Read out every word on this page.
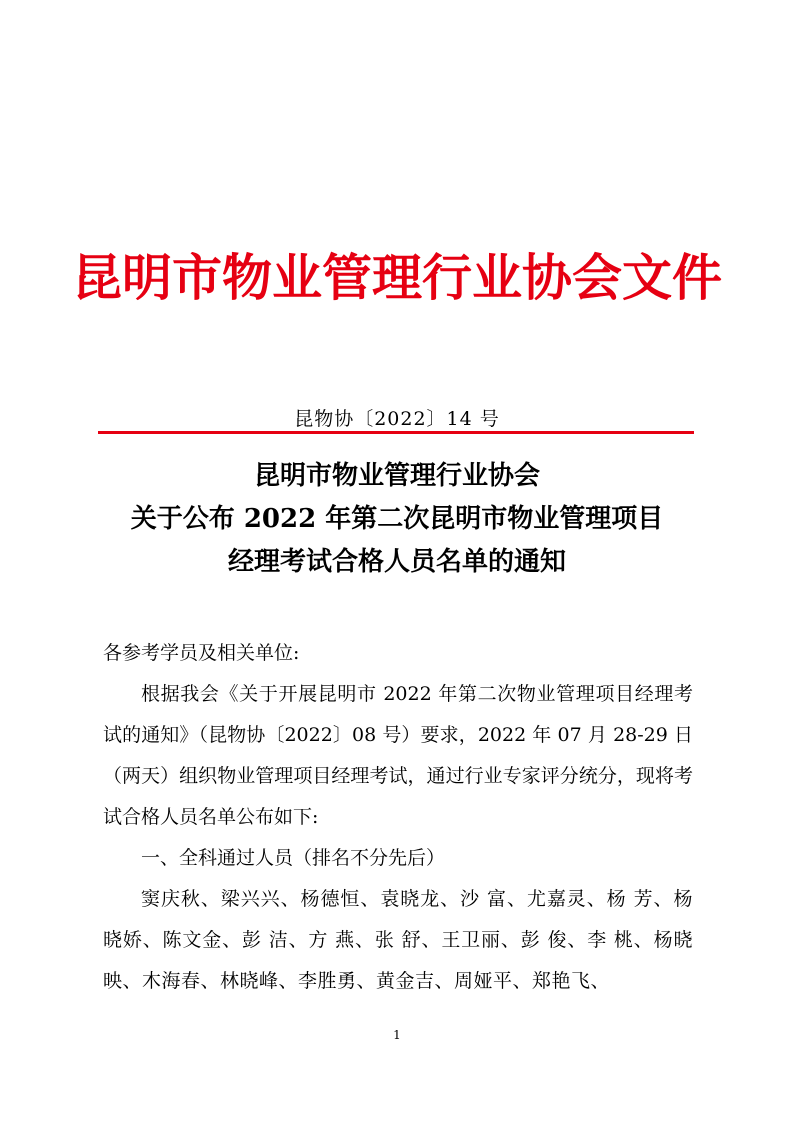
昆明市物业管理行业协会文件
昆物协〔2022〕14 号
昆明市物业管理行业协会
关于公布 2022 年第二次昆明市物业管理项目
经理考试合格人员名单的通知

各参考学员及相关单位:

根据我会《关于开展昆明市 2022 年第二次物业管理项目经理考试的通知》（昆物协〔2022〕08 号）要求，2022 年 07 月 28-29 日（两天）组织物业管理项目经理考试，通过行业专家评分统分，现将考试合格人员名单公布如下:

一、全科通过人员（排名不分先后）

窦庆秋、梁兴兴、杨德恒、袁晓龙、沙 富、尤嘉灵、杨 芳、杨晓娇、陈文金、彭 洁、方 燕、张 舒、王卫丽、彭 俊、李 桃、杨晓映、木海春、林晓峰、李胜勇、黄金吉、周娅平、郑艳飞、

1
